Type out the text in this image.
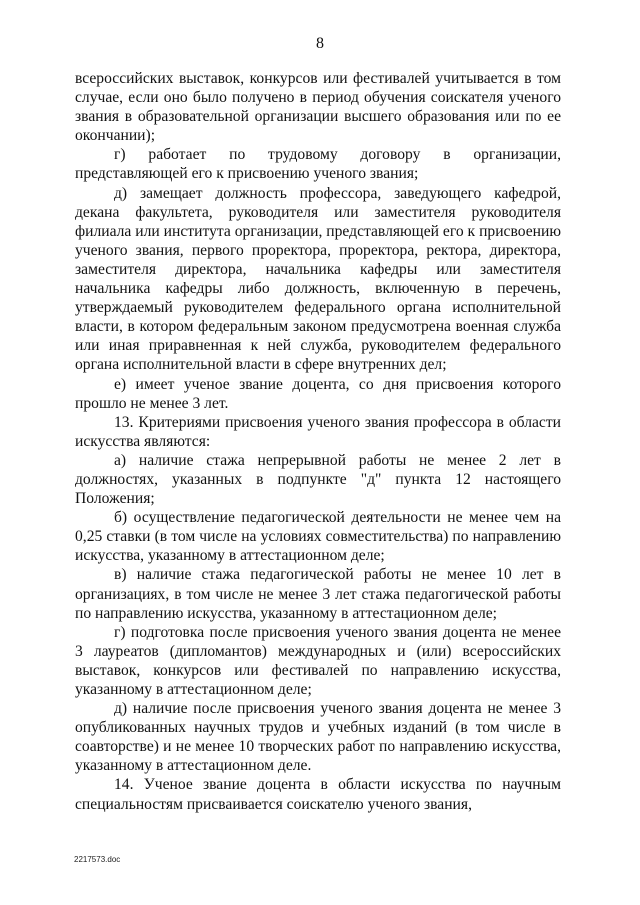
8

всероссийских выставок, конкурсов или фестивалей учитывается в том случае, если оно было получено в период обучения соискателя ученого звания в образовательной организации высшего образования или по ее окончании);

г) работает по трудовому договору в организации, представляющей его к присвоению ученого звания;

д) замещает должность профессора, заведующего кафедрой, декана факультета, руководителя или заместителя руководителя филиала или института организации, представляющей его к присвоению ученого звания, первого проректора, проректора, ректора, директора, заместителя директора, начальника кафедры или заместителя начальника кафедры либо должность, включенную в перечень, утверждаемый руководителем федерального органа исполнительной власти, в котором федеральным законом предусмотрена военная служба или иная приравненная к ней служба, руководителем федерального органа исполнительной власти в сфере внутренних дел;

е) имеет ученое звание доцента, со дня присвоения которого прошло не менее 3 лет.

13. Критериями присвоения ученого звания профессора в области искусства являются:

а) наличие стажа непрерывной работы не менее 2 лет в должностях, указанных в подпункте "д" пункта 12 настоящего Положения;

б) осуществление педагогической деятельности не менее чем на 0,25 ставки (в том числе на условиях совместительства) по направлению искусства, указанному в аттестационном деле;

в) наличие стажа педагогической работы не менее 10 лет в организациях, в том числе не менее 3 лет стажа педагогической работы по направлению искусства, указанному в аттестационном деле;

г) подготовка после присвоения ученого звания доцента не менее 3 лауреатов (дипломантов) международных и (или) всероссийских выставок, конкурсов или фестивалей по направлению искусства, указанному в аттестационном деле;

д) наличие после присвоения ученого звания доцента не менее 3 опубликованных научных трудов и учебных изданий (в том числе в соавторстве) и не менее 10 творческих работ по направлению искусства, указанному в аттестационном деле.

14. Ученое звание доцента в области искусства по научным специальностям присваивается соискателю ученого звания,

2217573.doc
